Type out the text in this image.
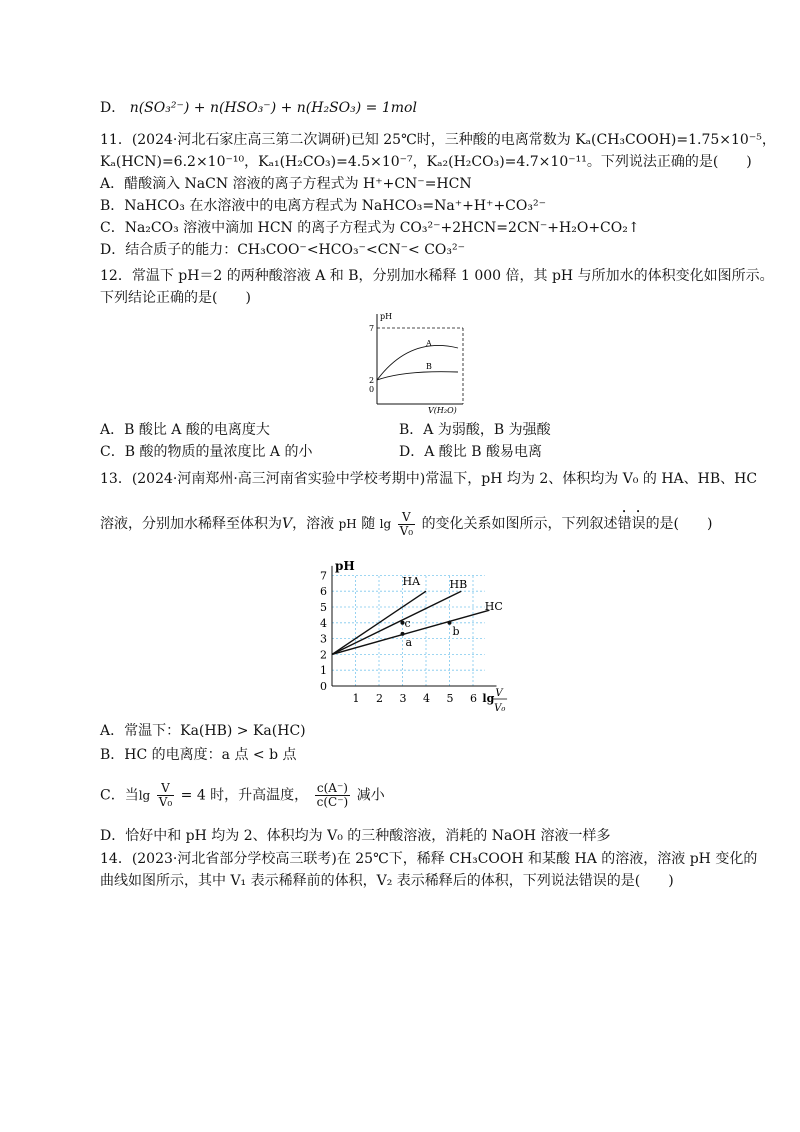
D． n(SO₃²⁻) + n(HSO₃⁻) + n(H₂SO₃) = 1mol
11．(2024·河北石家庄高三第二次调研)已知 25℃时，三种酸的电离常数为 Kₐ(CH₃COOH)=1.75×10⁻⁵，
Kₐ(HCN)=6.2×10⁻¹⁰，Kₐ₁(H₂CO₃)=4.5×10⁻⁷，Kₐ₂(H₂CO₃)=4.7×10⁻¹¹。下列说法正确的是(　　)
A．醋酸滴入 NaCN 溶液的离子方程式为 H⁺+CN⁻=HCN
B．NaHCO₃ 在水溶液中的电离方程式为 NaHCO₃=Na⁺+H⁺+CO₃²⁻
C．Na₂CO₃ 溶液中滴加 HCN 的离子方程式为 CO₃²⁻+2HCN=2CN⁻+H₂O+CO₂↑
D．结合质子的能力：CH₃COO⁻<HCO₃⁻<CN⁻< CO₃²⁻
12．常温下 pH＝2 的两种酸溶液 A 和 B，分别加水稀释 1 000 倍，其 pH 与所加水的体积变化如图所示。
下列结论正确的是(　　)
pH
7
2
0
A
B
V(H₂O)
A．B 酸比 A 酸的电离度大	B．A 为弱酸，B 为强酸
C．B 酸的物质的量浓度比 A 的小	D．A 酸比 B 酸易电离
13．(2024·河南郑州·高三河南省实验中学校考期中)常温下，pH 均为 2、体积均为 V₀ 的 HA、HB、HC
溶液，分别加水稀释至体积为V，溶液 pH 随 $\lg \frac{V}{\text{V₀}}$ 的变化关系如图所示，下列叙述错误的是(　　)
pH
1
2
3
4
5
6
7
0
1 2 3 4 5 6 lg V
V₀
HA	HB
HC
a
b
c
A．常温下：Ka(HB) > Ka(HC)
B．HC 的电离度：a 点 < b 点
C．当$\lg \frac{V}{\text{V₀}} = 4$ 时，升高温度， $\frac{c(A^-)}{c(C^-)}$ 减小
D．恰好中和 pH 均为 2、体积均为 V₀ 的三种酸溶液，消耗的 NaOH 溶液一样多
14．(2023·河北省部分学校高三联考)在 25℃下，稀释 CH₃COOH 和某酸 HA 的溶液，溶液 pH 变化的
曲线如图所示，其中 V₁ 表示稀释前的体积，V₂ 表示稀释后的体积，下列说法错误的是(　　)
